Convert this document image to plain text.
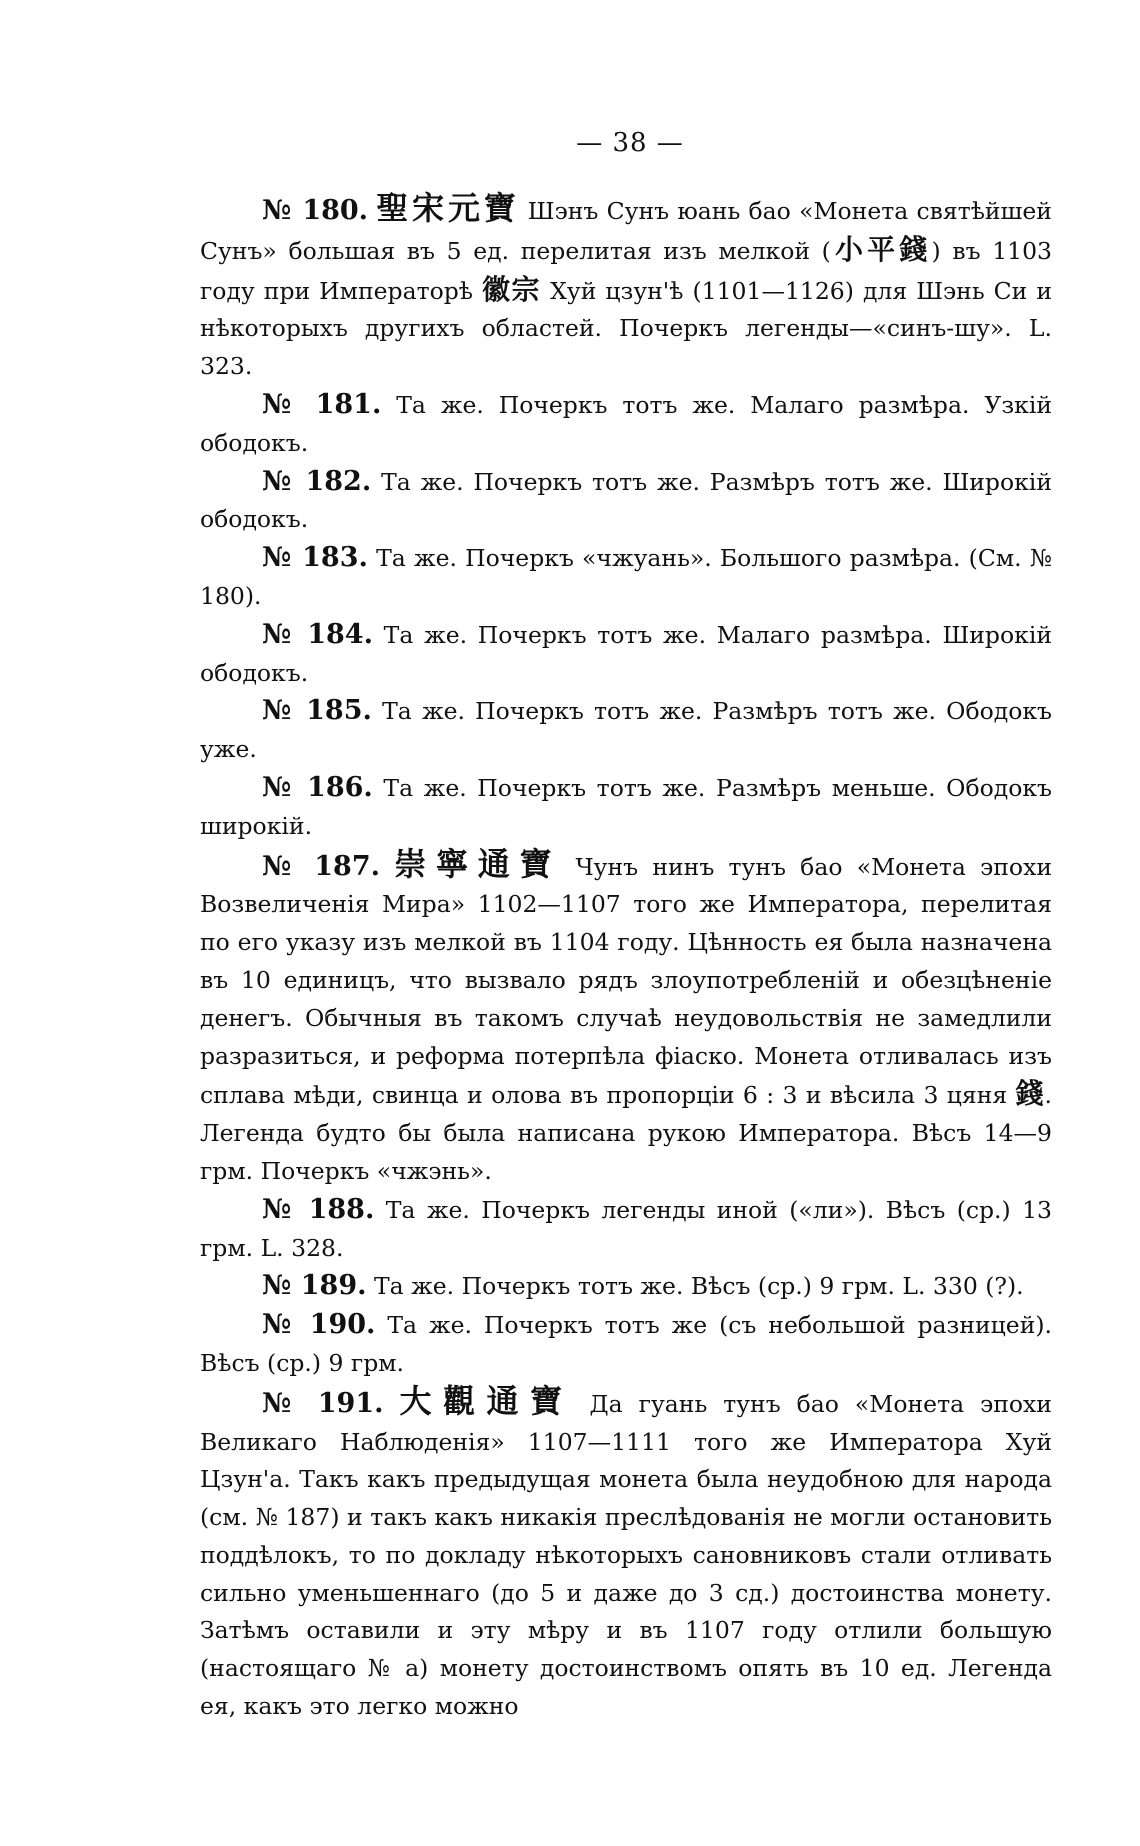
— 38 —

№ 180. 聖宋元寶 Шэнъ Сунъ юань бао «Монета святѣйшей Сунъ» большая въ 5 ед. перелитая изъ мелкой (小平錢) въ 1103 году при Императорѣ 徽宗 Хуй цзун'ѣ (1101—1126) для Шэнь Си и нѣкоторыхъ другихъ областей. Почеркъ легенды—«синъ-шу». L. 323.

№ 181. Та же. Почеркъ тотъ же. Малаго размѣра. Узкій ободокъ.

№ 182. Та же. Почеркъ тотъ же. Размѣръ тотъ же. Широкій ободокъ.

№ 183. Та же. Почеркъ «чжуань». Большого размѣра. (См. № 180).

№ 184. Та же. Почеркъ тотъ же. Малаго размѣра. Широкій ободокъ.

№ 185. Та же. Почеркъ тотъ же. Размѣръ тотъ же. Ободокъ уже.

№ 186. Та же. Почеркъ тотъ же. Размѣръ меньше. Ободокъ широкій.

№ 187. 崇寧通寶 Чунъ нинъ тунъ бао «Монета эпохи Возвеличенія Мира» 1102—1107 того же Императора, перелитая по его указу изъ мелкой въ 1104 году. Цѣнность ея была назначена въ 10 единицъ, что вызвало рядъ злоупотребленій и обезцѣненіе денегъ. Обычныя въ такомъ случаѣ неудовольствія не замедлили разразиться, и реформа потерпѣла фіаско. Монета отливалась изъ сплава мѣди, свинца и олова въ пропорціи 6 : 3 и вѣсила 3 цяня 錢. Легенда будто бы была написана рукою Императора. Вѣсъ 14—9 грм. Почеркъ «чжэнь».

№ 188. Та же. Почеркъ легенды иной («ли»). Вѣсъ (ср.) 13 грм. L. 328.

№ 189. Та же. Почеркъ тотъ же. Вѣсъ (ср.) 9 грм. L. 330 (?).

№ 190. Та же. Почеркъ тотъ же (съ небольшой разницей). Вѣсъ (ср.) 9 грм.

№ 191. 大觀通寶 Да гуань тунъ бао «Монета эпохи Великаго Наблюденія» 1107—1111 того же Императора Хуй Цзун'а. Такъ какъ предыдущая монета была неудобною для народа (см. № 187) и такъ какъ никакія преслѣдованія не могли остановить поддѣлокъ, то по докладу нѣкоторыхъ сановниковъ стали отливать сильно уменьшеннаго (до 5 и даже до 3 сд.) достоинства монету. Затѣмъ оставили и эту мѣру и въ 1107 году отлили большую (настоящаго № а) монету достоинствомъ опять въ 10 ед. Легенда ея, какъ это легко можно
